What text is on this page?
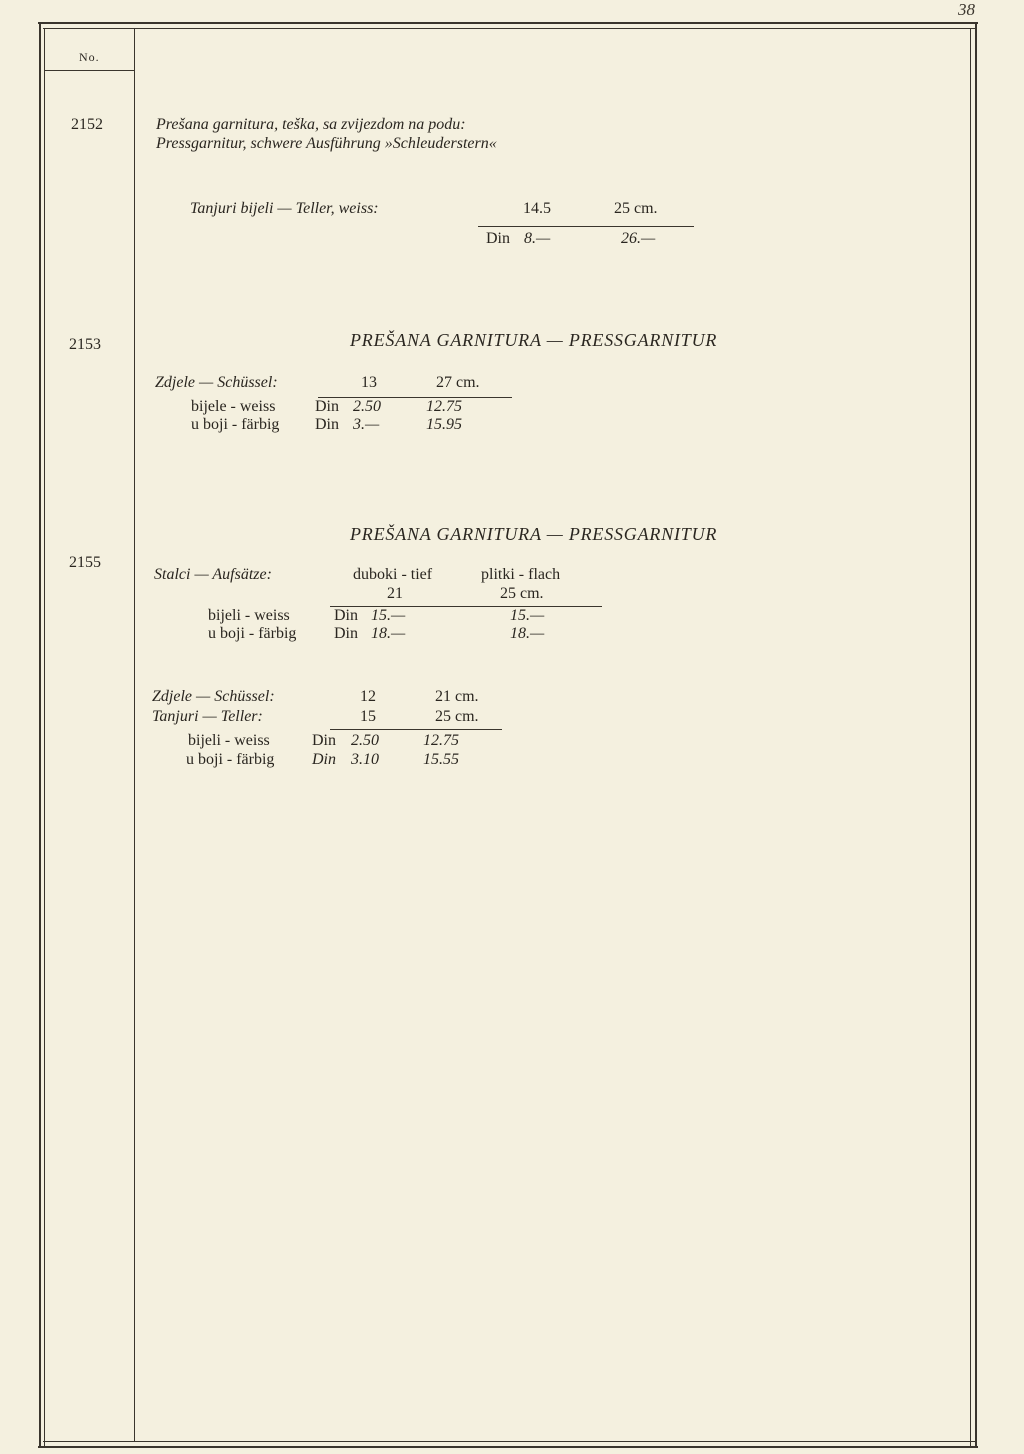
38
No.
2152	Prešana garnitura, teška, sa zvijezdom na podu:
Pressgarnitur, schwere Ausführung »Schleuderstern«
Tanjuri bijeli — Teller, weiss:	14.5	25 cm.
Din 8.—	26.—
2153	PREŠANA GARNITURA — PRESSGARNITUR
Zdjele — Schüssel:	13	27 cm.
bijele - weiss Din 2.50	12.75
u boji - färbig Din 3.—	15.95
2155
PREŠANA GARNITURA — PRESSGARNITUR
Stalci — Aufsätze:	duboki - tief	plitki - flach
21	25 cm.
bijeli - weiss	Din 15.—	15.—
u boji - färbig Din 18.—	18.—
Zdjele — Schüssel:	12	21 cm.
Tanjuri — Teller:	15	25 cm.
bijeli - weiss	Din 2.50	12.75
u boji - färbig Din 3.10	15.55
